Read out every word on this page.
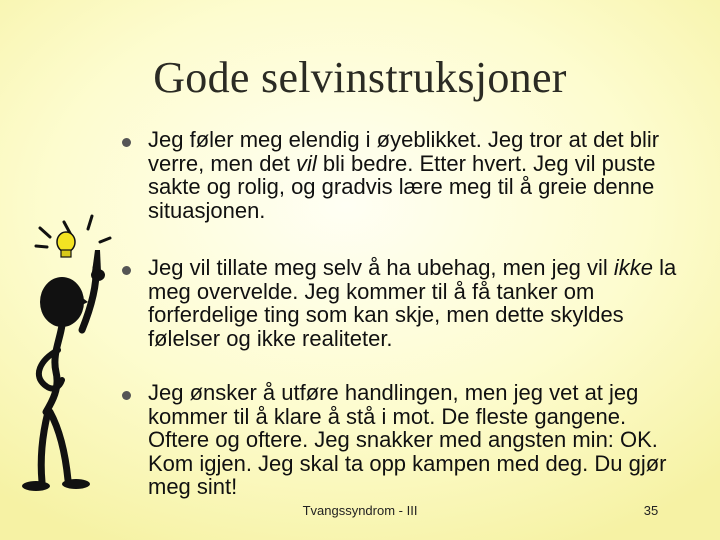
Gode selvinstruksjoner
Jeg føler meg elendig i øyeblikket. Jeg tror at det blir verre, men det vil bli bedre. Etter hvert. Jeg vil puste sakte og rolig, og gradvis lære meg til å greie denne situasjonen.
Jeg vil tillate meg selv å ha ubehag, men jeg vil ikke la meg overvelde. Jeg kommer til å få tanker om forferdelige ting som kan skje, men dette skyldes følelser og ikke realiteter.
Jeg ønsker å utføre handlingen, men jeg vet at jeg kommer til å klare å stå i mot. De fleste gangene. Oftere og oftere. Jeg snakker med angsten min: OK. Kom igjen. Jeg skal ta opp kampen med deg. Du gjør meg sint!
Tvangssyndrom - III	35
